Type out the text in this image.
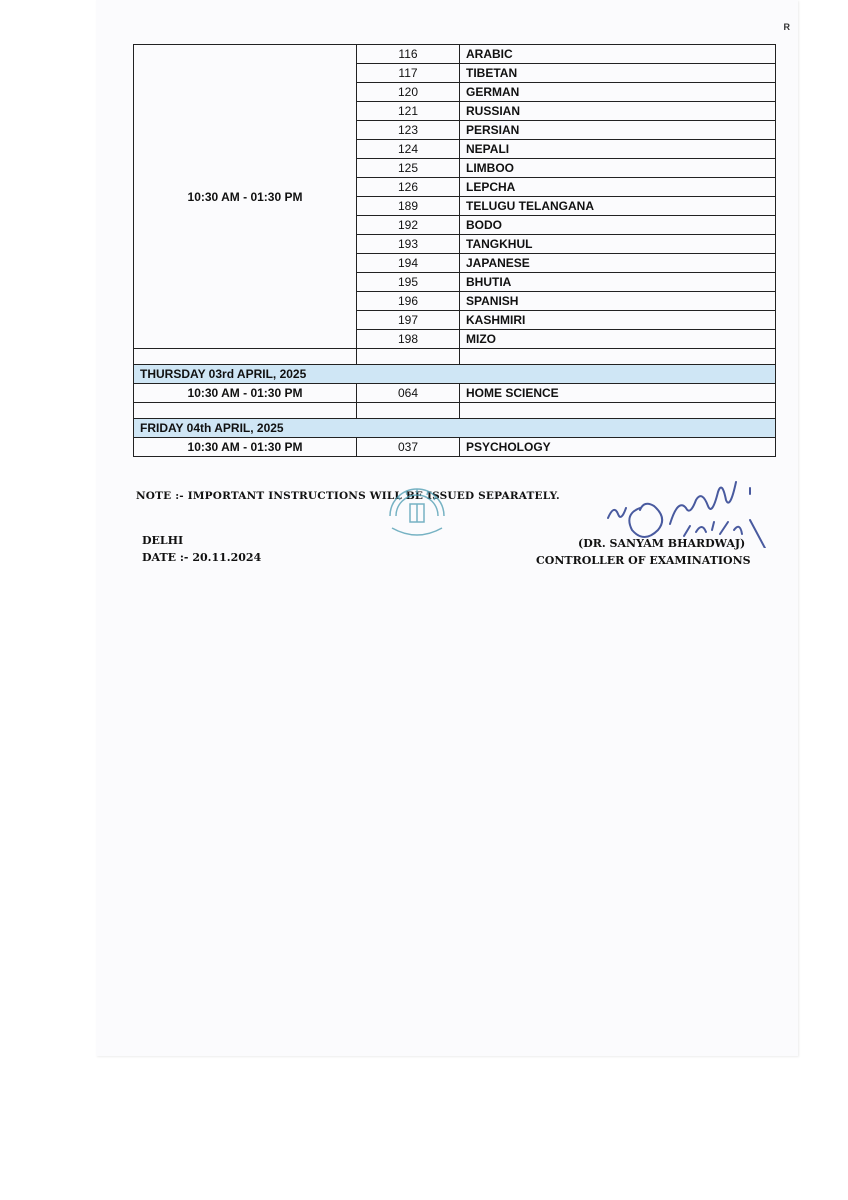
R
10:30 AM - 01:30 PM	116	ARABIC
	117	TIBETAN
	120	GERMAN
	121	RUSSIAN
	123	PERSIAN
	124	NEPALI
	125	LIMBOO
	126	LEPCHA
	189	TELUGU TELANGANA
	192	BODO
	193	TANGKHUL
	194	JAPANESE
	195	BHUTIA
	196	SPANISH
	197	KASHMIRI
	198	MIZO

THURSDAY 03rd APRIL, 2025		
10:30 AM - 01:30 PM	064	HOME SCIENCE

FRIDAY 04th APRIL, 2025		
10:30 AM - 01:30 PM	037	PSYCHOLOGY
NOTE :- IMPORTANT INSTRUCTIONS WILL BE ISSUED SEPARATELY.
DELHI
DATE :- 20.11.2024
(DR. SANYAM BHARDWAJ)
CONTROLLER OF EXAMINATIONS
